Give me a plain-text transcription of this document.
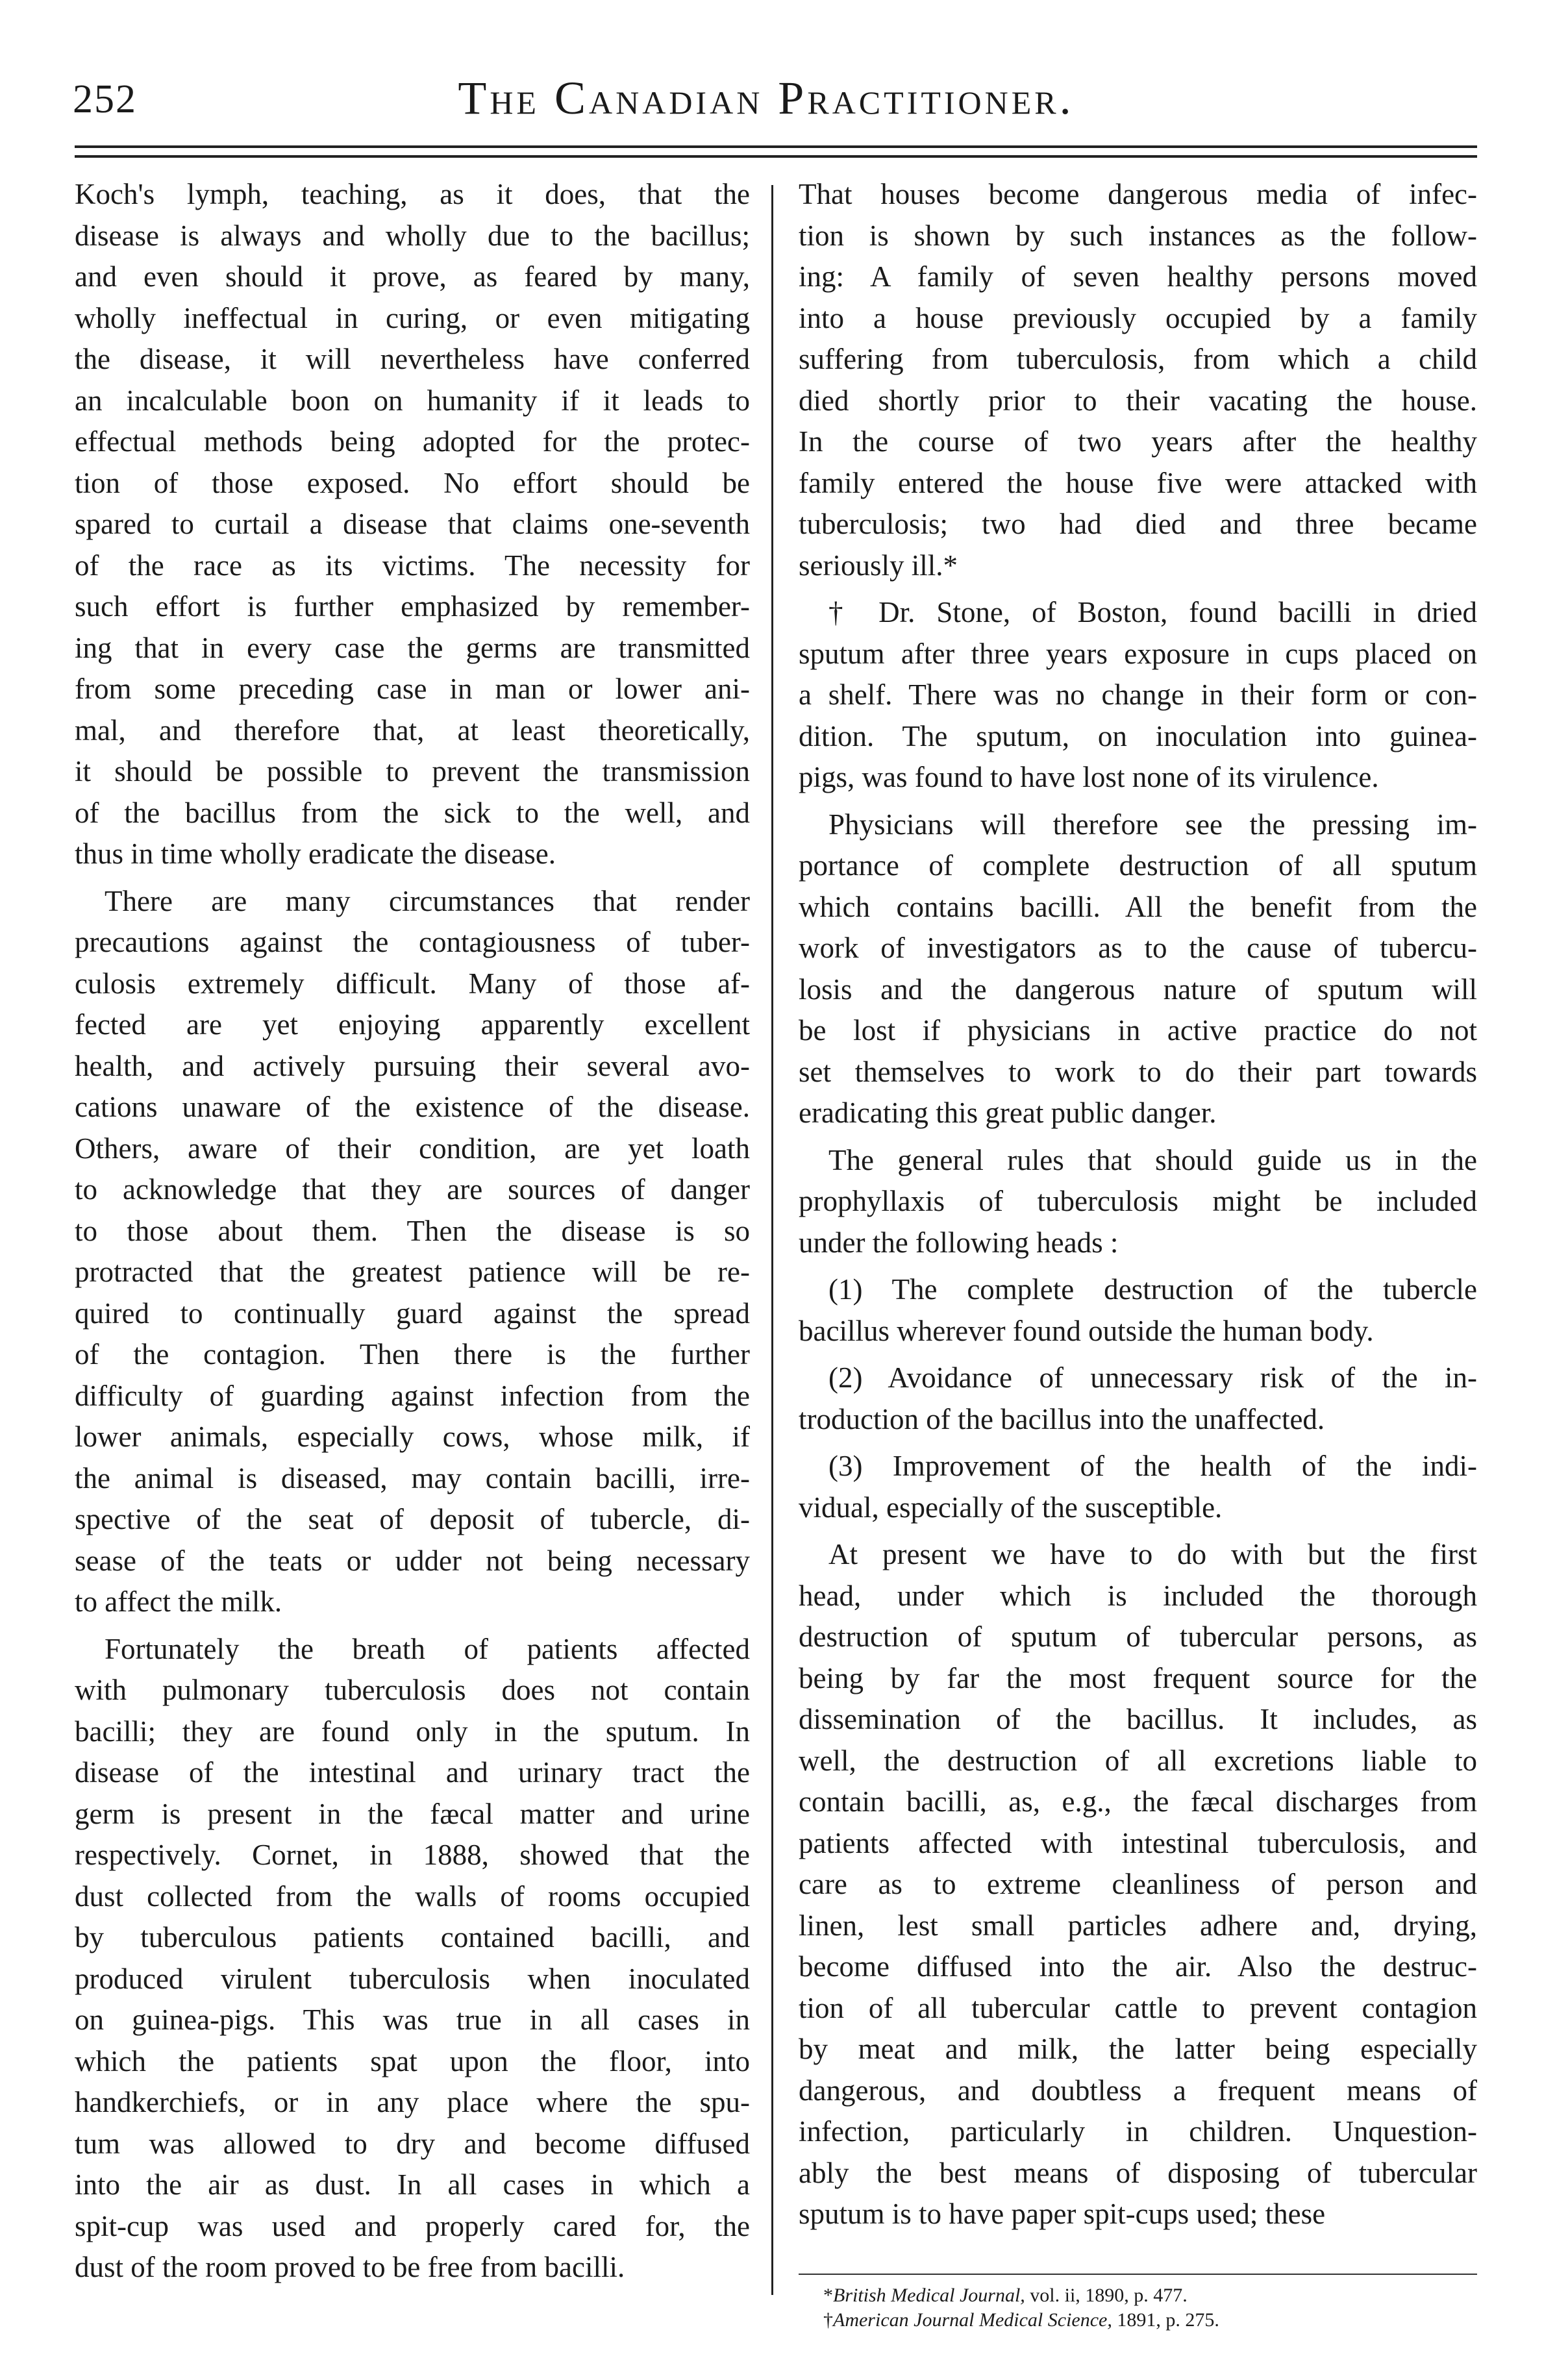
252	The Canadian Practitioner.
Koch's lymph, teaching, as it does, that the
disease is always and wholly due to the bacillus;
and even should it prove, as feared by many,
wholly ineffectual in curing, or even mitigating
the disease, it will nevertheless have conferred
an incalculable boon on humanity if it leads to
effectual methods being adopted for the protec-
tion of those exposed. No effort should be
spared to curtail a disease that claims one-seventh
of the race as its victims. The necessity for
such effort is further emphasized by remember-
ing that in every case the germs are transmitted
from some preceding case in man or lower ani-
mal, and therefore that, at least theoretically,
it should be possible to prevent the transmission
of the bacillus from the sick to the well, and
thus in time wholly eradicate the disease.
There are many circumstances that render
precautions against the contagiousness of tuber-
culosis extremely difficult. Many of those af-
fected are yet enjoying apparently excellent
health, and actively pursuing their several avo-
cations unaware of the existence of the disease.
Others, aware of their condition, are yet loath
to acknowledge that they are sources of danger
to those about them. Then the disease is so
protracted that the greatest patience will be re-
quired to continually guard against the spread
of the contagion. Then there is the further
difficulty of guarding against infection from the
lower animals, especially cows, whose milk, if
the animal is diseased, may contain bacilli, irre-
spective of the seat of deposit of tubercle, di-
sease of the teats or udder not being necessary
to affect the milk.
Fortunately the breath of patients affected
with pulmonary tuberculosis does not contain
bacilli; they are found only in the sputum. In
disease of the intestinal and urinary tract the
germ is present in the fæcal matter and urine
respectively. Cornet, in 1888, showed that the
dust collected from the walls of rooms occupied
by tuberculous patients contained bacilli, and
produced virulent tuberculosis when inoculated
on guinea-pigs. This was true in all cases in
which the patients spat upon the floor, into
handkerchiefs, or in any place where the spu-
tum was allowed to dry and become diffused
into the air as dust. In all cases in which a
spit-cup was used and properly cared for, the
dust of the room proved to be free from bacilli.
That houses become dangerous media of infec-
tion is shown by such instances as the follow-
ing: A family of seven healthy persons moved
into a house previously occupied by a family
suffering from tuberculosis, from which a child
died shortly prior to their vacating the house.
In the course of two years after the healthy
family entered the house five were attacked with
tuberculosis; two had died and three became
seriously ill.*
† Dr. Stone, of Boston, found bacilli in dried
sputum after three years exposure in cups placed on
a shelf. There was no change in their form or con-
dition. The sputum, on inoculation into guinea-
pigs, was found to have lost none of its virulence.
Physicians will therefore see the pressing im-
portance of complete destruction of all sputum
which contains bacilli. All the benefit from the
work of investigators as to the cause of tubercu-
losis and the dangerous nature of sputum will
be lost if physicians in active practice do not
set themselves to work to do their part towards
eradicating this great public danger.
The general rules that should guide us in the
prophyllaxis of tuberculosis might be included
under the following heads :
(1) The complete destruction of the tubercle
bacillus wherever found outside the human body.
(2) Avoidance of unnecessary risk of the in-
troduction of the bacillus into the unaffected.
(3) Improvement of the health of the indi-
vidual, especially of the susceptible.
At present we have to do with but the first
head, under which is included the thorough
destruction of sputum of tubercular persons, as
being by far the most frequent source for the
dissemination of the bacillus. It includes, as
well, the destruction of all excretions liable to
contain bacilli, as, e.g., the fæcal discharges from
patients affected with intestinal tuberculosis, and
care as to extreme cleanliness of person and
linen, lest small particles adhere and, drying,
become diffused into the air. Also the destruc-
tion of all tubercular cattle to prevent contagion
by meat and milk, the latter being especially
dangerous, and doubtless a frequent means of
infection, particularly in children. Unquestion-
ably the best means of disposing of tubercular
sputum is to have paper spit-cups used; these
*British Medical Journal, vol. ii, 1890, p. 477.
†American Journal Medical Science, 1891, p. 275.
